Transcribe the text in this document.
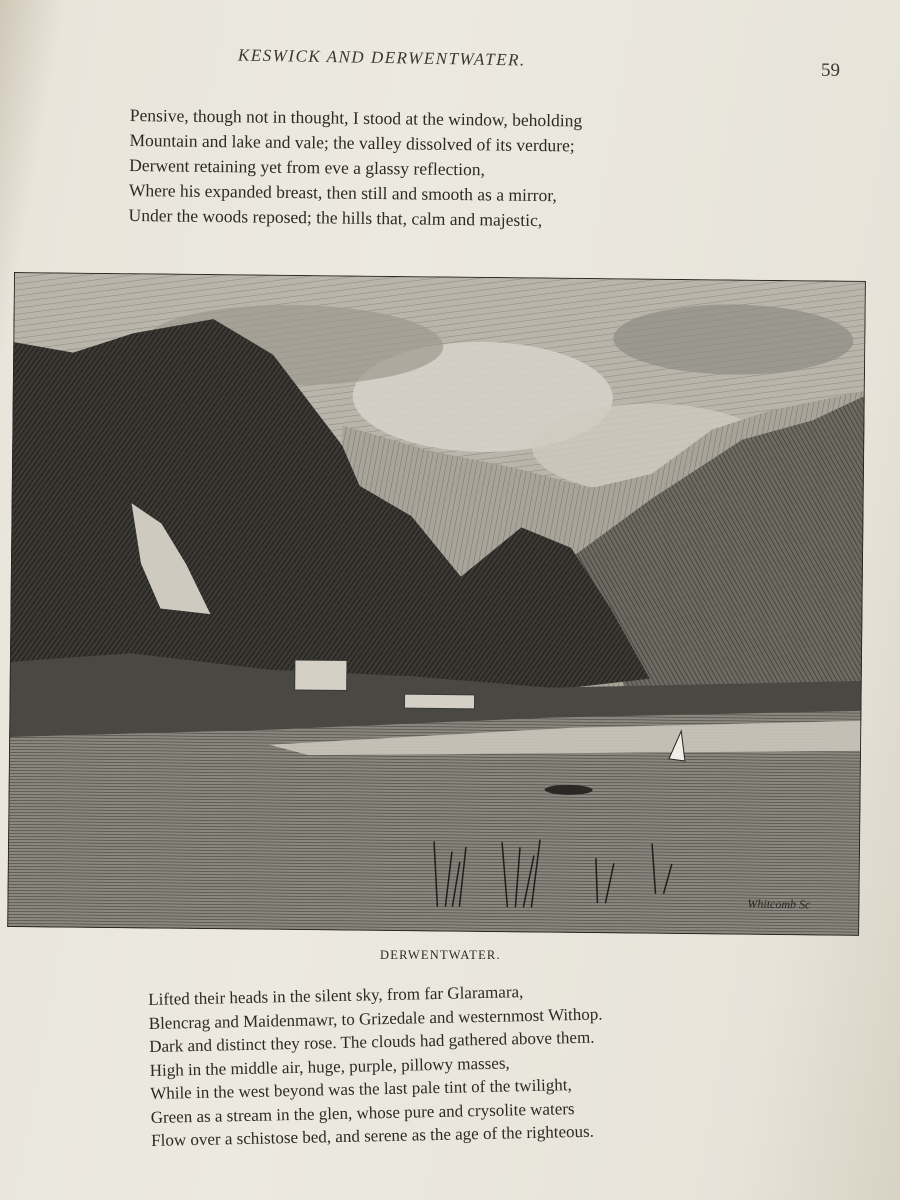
KESWICK AND DERWENTWATER.
59
Pensive, though not in thought, I stood at the window, beholding
Mountain and lake and vale; the valley dissolved of its verdure;
Derwent retaining yet from eve a glassy reflection,
Where his expanded breast, then still and smooth as a mirror,
Under the woods reposed; the hills that, calm and majestic,
Whitcomb Sc
DERWENTWATER.
Lifted their heads in the silent sky, from far Glaramara,
Blencrag and Maidenmawr, to Grizedale and westernmost Withop.
Dark and distinct they rose. The clouds had gathered above them.
High in the middle air, huge, purple, pillowy masses,
While in the west beyond was the last pale tint of the twilight,
Green as a stream in the glen, whose pure and crysolite waters
Flow over a schistose bed, and serene as the age of the righteous.
